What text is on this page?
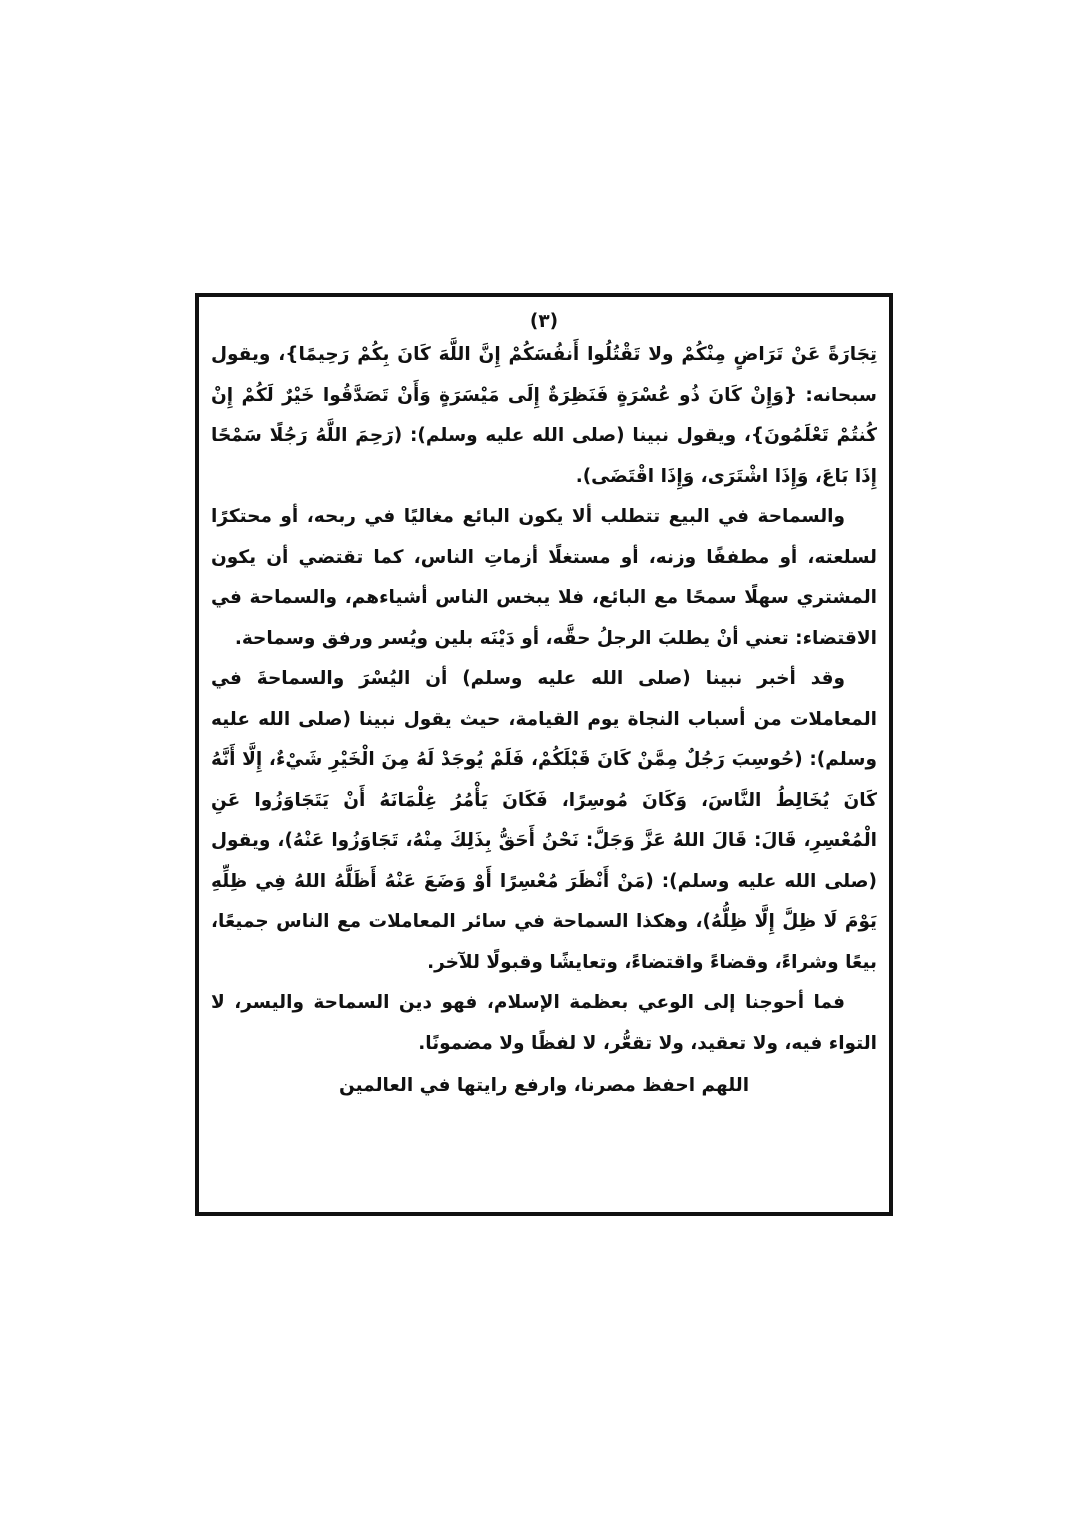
(٣)

تِجَارَةً عَنْ تَرَاضٍ مِنْكُمْ ولا تَقْتُلُوا أَنفُسَكُمْ إِنَّ اللَّهَ كَانَ بِكُمْ رَحِيمًا}، ويقول سبحانه: {وَإِنْ كَانَ ذُو عُسْرَةٍ فَنَظِرَةٌ إِلَى مَيْسَرَةٍ وَأَنْ تَصَدَّقُوا خَيْرٌ لَكُمْ إِنْ كُنتُمْ تَعْلَمُونَ}، ويقول نبينا (صلى الله عليه وسلم): (رَحِمَ اللَّهُ رَجُلًا سَمْحًا إِذَا بَاعَ، وَإِذَا اشْتَرَى، وَإِذَا اقْتَضَى).

والسماحة في البيع تتطلب ألا يكون البائع مغاليًا في ربحه، أو محتكرًا لسلعته، أو مطففًا وزنه، أو مستغلًا أزماتِ الناس، كما تقتضي أن يكون المشتري سهلًا سمحًا مع البائع، فلا يبخس الناس أشياءهم، والسماحة في الاقتضاء: تعني أنْ يطلبَ الرجلُ حقَّه، أو دَيْنَه بلين ويُسر ورفق وسماحة.

وقد أخبر نبينا (صلى الله عليه وسلم) أن اليُسْرَ والسماحةَ في المعاملات من أسباب النجاة يوم القيامة، حيث يقول نبينا (صلى الله عليه وسلم): (حُوسِبَ رَجُلٌ مِمَّنْ كَانَ قَبْلَكُمْ، فَلَمْ يُوجَدْ لَهُ مِنَ الْخَيْرِ شَيْءٌ، إِلَّا أَنَّهُ كَانَ يُخَالِطُ النَّاسَ، وَكَانَ مُوسِرًا، فَكَانَ يَأْمُرُ غِلْمَانَهُ أَنْ يَتَجَاوَزُوا عَنِ الْمُعْسِرِ، قَالَ: قَالَ اللهُ عَزَّ وَجَلَّ: نَحْنُ أَحَقُّ بِذَلِكَ مِنْهُ، تَجَاوَزُوا عَنْهُ)، ويقول (صلى الله عليه وسلم): (مَنْ أَنْظَرَ مُعْسِرًا أَوْ وَضَعَ عَنْهُ أَظَلَّهُ اللهُ فِي ظِلِّهِ يَوْمَ لَا ظِلَّ إِلَّا ظِلُّهُ)، وهكذا السماحة في سائر المعاملات مع الناس جميعًا، بيعًا وشراءً، وقضاءً واقتضاءً، وتعايشًا وقبولًا للآخر.

فما أحوجنا إلى الوعي بعظمة الإسلام، فهو دين السماحة واليسر، لا التواء فيه، ولا تعقيد، ولا تقعُّر، لا لفظًا ولا مضمونًا.

اللهم احفظ مصرنا، وارفع رايتها في العالمين
